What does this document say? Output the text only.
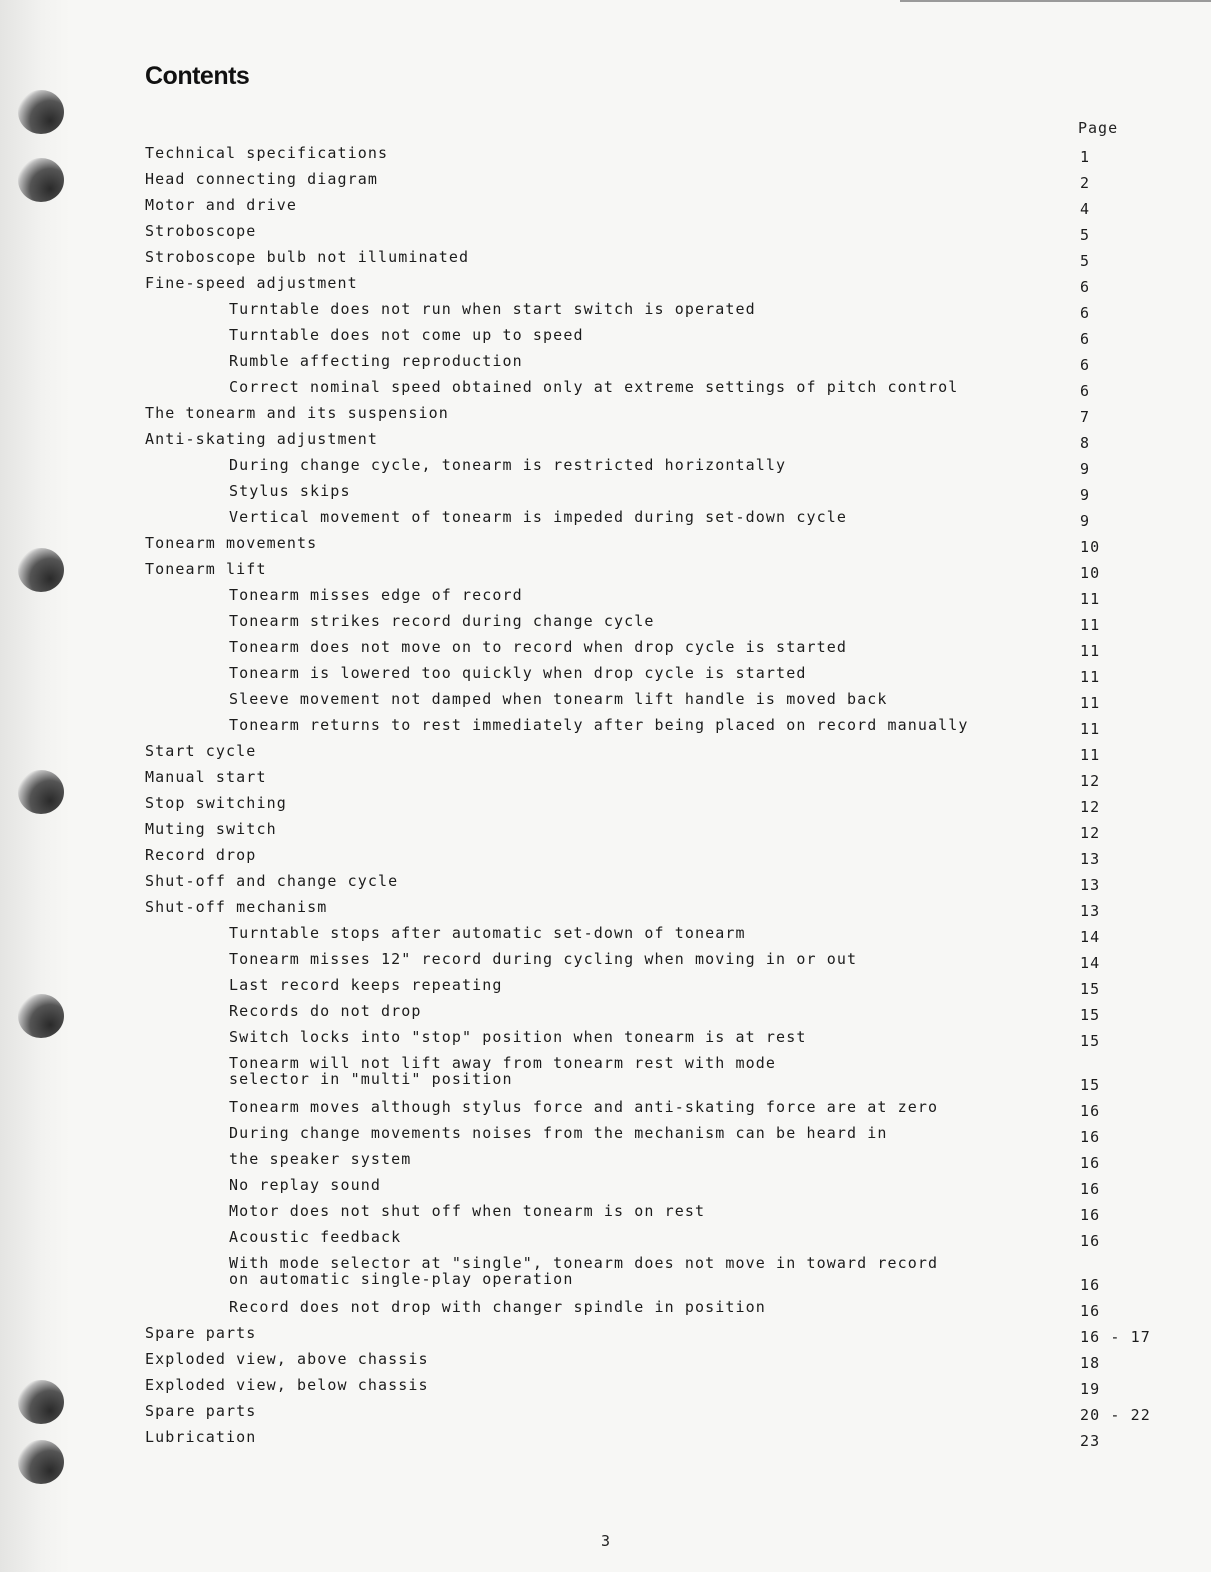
Contents
Page
Technical specifications	1
Head connecting diagram	2
Motor and drive	4
Stroboscope	5
Stroboscope bulb not illuminated	5
Fine-speed adjustment	6
Turntable does not run when start switch is operated	6
Turntable does not come up to speed	6
Rumble affecting reproduction	6
Correct nominal speed obtained only at extreme settings of pitch control	6
The tonearm and its suspension	7
Anti-skating adjustment	8
During change cycle, tonearm is restricted horizontally	9
Stylus skips	9
Vertical movement of tonearm is impeded during set-down cycle	9
Tonearm movements	10
Tonearm lift	10
Tonearm misses edge of record	11
Tonearm strikes record during change cycle	11
Tonearm does not move on to record when drop cycle is started	11
Tonearm is lowered too quickly when drop cycle is started	11
Sleeve movement not damped when tonearm lift handle is moved back	11
Tonearm returns to rest immediately after being placed on record manually	11
Start cycle	11
Manual start	12
Stop switching	12
Muting switch	12
Record drop	13
Shut-off and change cycle	13
Shut-off mechanism	13
Turntable stops after automatic set-down of tonearm	14
Tonearm misses 12" record during cycling when moving in or out	14
Last record keeps repeating	15
Records do not drop	15
Switch locks into "stop" position when tonearm is at rest	15
Tonearm will not lift away from tonearm rest with mode
selector in "multi" position	15
Tonearm moves although stylus force and anti-skating force are at zero	16
During change movements noises from the mechanism can be heard in	16
the speaker system	16
No replay sound	16
Motor does not shut off when tonearm is on rest	16
Acoustic feedback	16
With mode selector at "single", tonearm does not move in toward record
on automatic single-play operation	16
Record does not drop with changer spindle in position	16
Spare parts	16 - 17
Exploded view, above chassis	18
Exploded view, below chassis	19
Spare parts	20 - 22
Lubrication	23
3
